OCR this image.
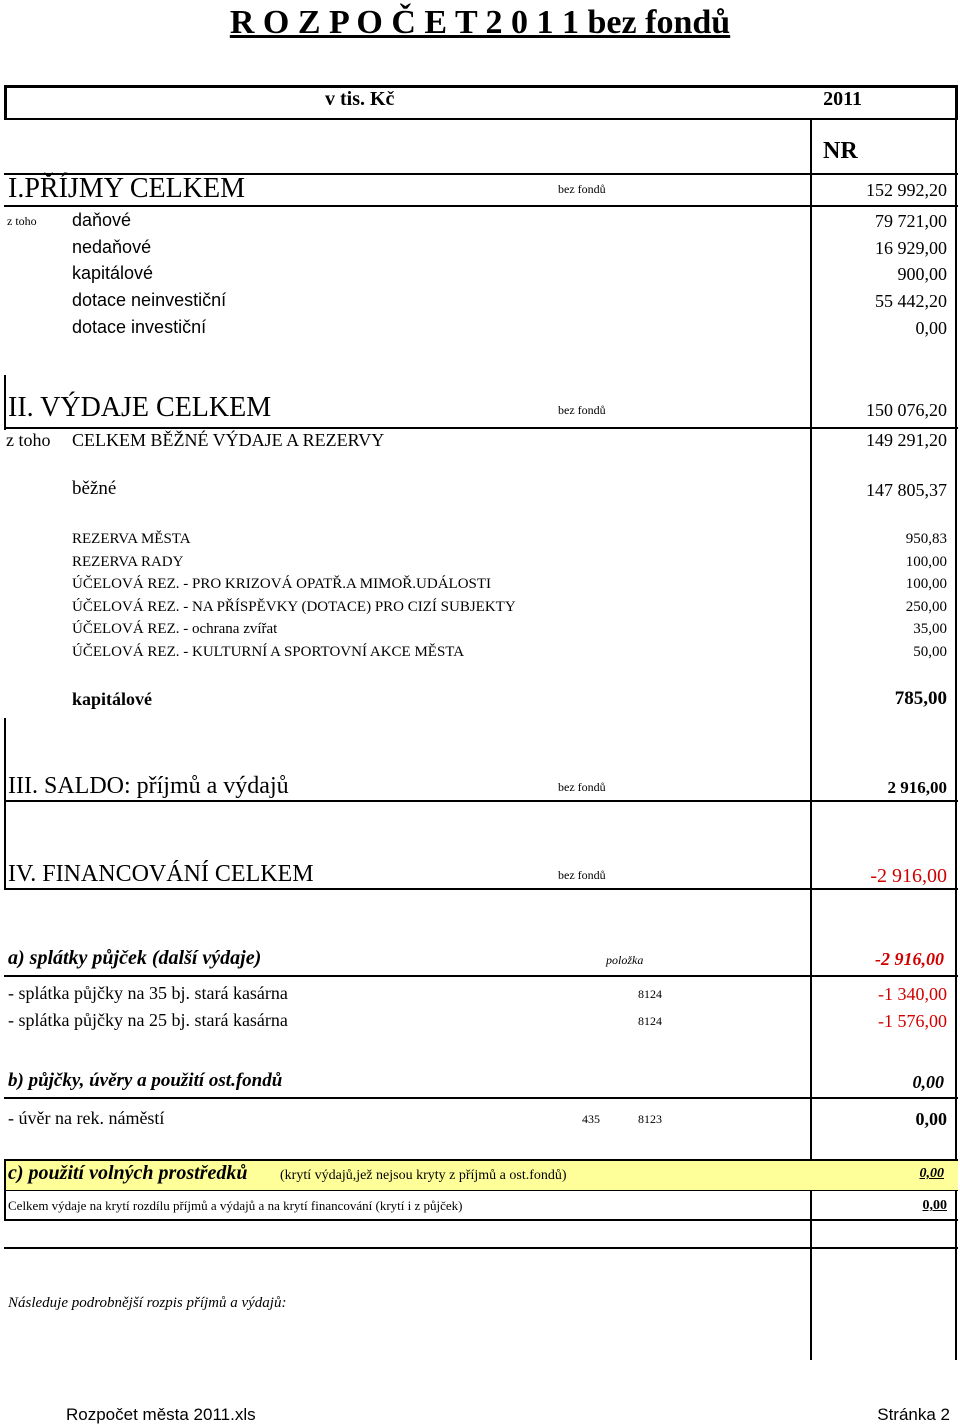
R O Z P O Č E T 2 0 1 1 bez fondů
v tis. Kč	2011
NR
I.PŘÍJMY CELKEM	bez fondů	152 992,20
z toho daňové	79 721,00
nedaňové	16 929,00
kapitálové	900,00
dotace neinvestiční	55 442,20
dotace investiční	0,00
II. VÝDAJE CELKEM	bez fondů	150 076,20
z toho CELKEM BĚŽNÉ VÝDAJE A REZERVY	149 291,20
běžné	147 805,37
REZERVA MĚSTA	950,83
REZERVA RADY	100,00
ÚČELOVÁ REZ. - PRO KRIZOVÁ OPATŘ.A MIMOŘ.UDÁLOSTI	100,00
ÚČELOVÁ REZ. - NA PŘÍSPĚVKY (DOTACE) PRO CIZÍ SUBJEKTY	250,00
ÚČELOVÁ REZ. - ochrana zvířat	35,00
ÚČELOVÁ REZ. - KULTURNÍ A SPORTOVNÍ AKCE MĚSTA	50,00
kapitálové	785,00
III. SALDO: příjmů a výdajů	bez fondů	2 916,00
IV. FINANCOVÁNÍ CELKEM	bez fondů	-2 916,00
a) splátky půjček (další výdaje)	položka	-2 916,00
- splátka půjčky na 35 bj. stará kasárna	8124	-1 340,00
- splátka půjčky na 25 bj. stará kasárna	8124	-1 576,00
b) půjčky, úvěry a použití ost.fondů	0,00
- úvěr na rek. náměstí	435	8123	0,00
c) použití volných prostředků (krytí výdajů,jež nejsou kryty z příjmů a ost.fondů)	0,00
Celkem výdaje na krytí rozdílu příjmů a výdajů a na krytí financování (krytí i z půjček)	0,00
Následuje podrobnější rozpis příjmů a výdajů:
Rozpočet města 2011.xls	Stránka 2
